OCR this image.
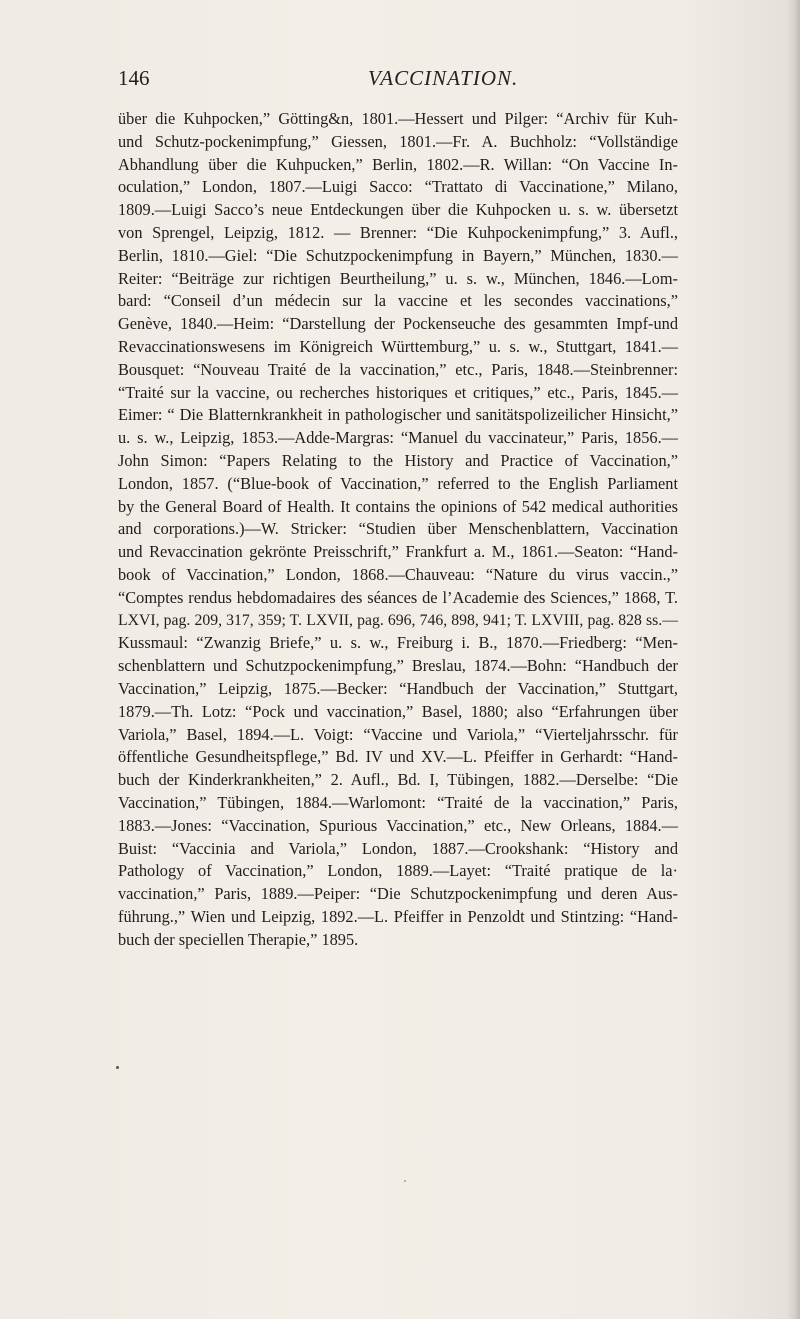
146	VACCINATION.
über die Kuhpocken,” Götting&n, 1801.—Hessert und Pilger: “Archiv für Kuh-
und Schutz-pockenimpfung,” Giessen, 1801.—Fr. A. Buchholz: “Vollständige
Abhandlung über die Kuhpucken,” Berlin, 1802.—R. Willan: “On Vaccine In-
oculation,” London, 1807.—Luigi Sacco: “Trattato di Vaccinatione,” Milano,
1809.—Luigi Sacco’s neue Entdeckungen über die Kuhpocken u. s. w. übersetzt
von Sprengel, Leipzig, 1812. — Brenner: “Die Kuhpockenimpfung,” 3. Aufl.,
Berlin, 1810.—Giel: “Die Schutzpockenimpfung in Bayern,” München, 1830.—
Reiter: “Beiträge zur richtigen Beurtheilung,” u. s. w., München, 1846.—Lom-
bard: “Conseil d’un médecin sur la vaccine et les secondes vaccinations,”
Genève, 1840.—Heim: “Darstellung der Pockenseuche des gesammten Impf-und
Revaccinationswesens im Königreich Württemburg,” u. s. w., Stuttgart, 1841.—
Bousquet: “Nouveau Traité de la vaccination,” etc., Paris, 1848.—Steinbrenner:
“Traité sur la vaccine, ou recherches historiques et critiques,” etc., Paris, 1845.—
Eimer: “ Die Blatternkrankheit in pathologischer und sanitätspolizeilicher Hinsicht,”
u. s. w., Leipzig, 1853.—Adde-Margras: “Manuel du vaccinateur,” Paris, 1856.—
John Simon: “Papers Relating to the History and Practice of Vaccination,”
London, 1857. (“Blue-book of Vaccination,” referred to the English Parliament
by the General Board of Health. It contains the opinions of 542 medical authorities
and corporations.)—W. Stricker: “Studien über Menschenblattern, Vaccination
und Revaccination gekrönte Preisschrift,” Frankfurt a. M., 1861.—Seaton: “Hand-
book of Vaccination,” London, 1868.—Chauveau: “Nature du virus vaccin.,”
“Comptes rendus hebdomadaires des séances de l’Academie des Sciences,” 1868, T.
LXVI, pag. 209, 317, 359; T. LXVII, pag. 696, 746, 898, 941; T. LXVIII, pag. 828 ss.—
Kussmaul: “Zwanzig Briefe,” u. s. w., Freiburg i. B., 1870.—Friedberg: “Men-
schenblattern und Schutzpockenimpfung,” Breslau, 1874.—Bohn: “Handbuch der
Vaccination,” Leipzig, 1875.—Becker: “Handbuch der Vaccination,” Stuttgart,
1879.—Th. Lotz: “Pock und vaccination,” Basel, 1880; also “Erfahrungen über
Variola,” Basel, 1894.—L. Voigt: “Vaccine und Variola,” “Vierteljahrsschr. für
öffentliche Gesundheitspflege,” Bd. IV und XV.—L. Pfeiffer in Gerhardt: “Hand-
buch der Kinderkrankheiten,” 2. Aufl., Bd. I, Tübingen, 1882.—Derselbe: “Die
Vaccination,” Tübingen, 1884.—Warlomont: “Traité de la vaccination,” Paris,
1883.—Jones: “Vaccination, Spurious Vaccination,” etc., New Orleans, 1884.—
Buist: “Vaccinia and Variola,” London, 1887.—Crookshank: “History and
Pathology of Vaccination,” London, 1889.—Layet: “Traité pratique de la·
vaccination,” Paris, 1889.—Peiper: “Die Schutzpockenimpfung und deren Aus-
führung.,” Wien und Leipzig, 1892.—L. Pfeiffer in Penzoldt und Stintzing: “Hand-
buch der speciellen Therapie,” 1895.
